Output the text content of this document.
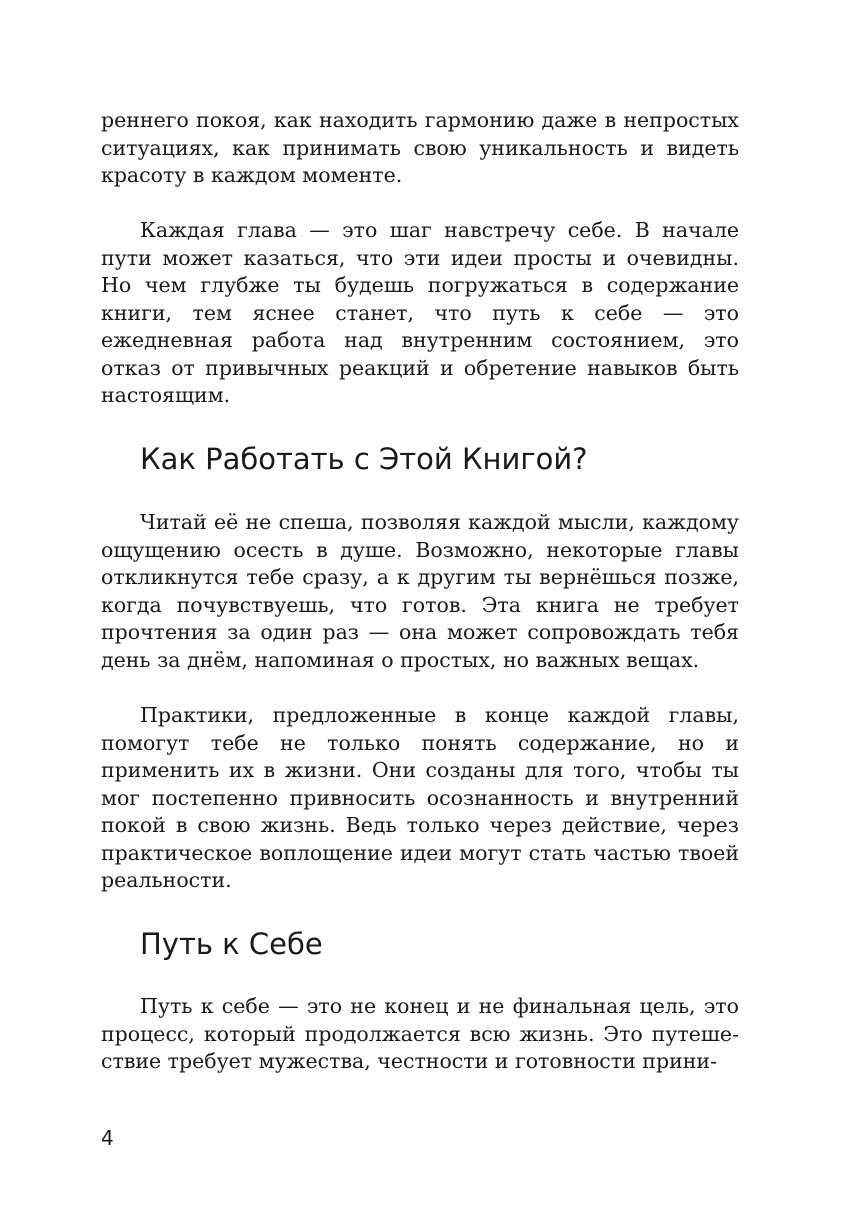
реннего покоя, как находить гармонию даже в непростых ситуациях, как принимать свою уникальность и видеть красоту в каждом моменте.

Каждая глава — это шаг навстречу себе. В начале пути может казаться, что эти идеи просты и очевидны. Но чем глубже ты будешь погружаться в содержание книги, тем яснее станет, что путь к себе — это ежедневная работа над внутренним состоянием, это отказ от привычных реакций и обретение навыков быть настоящим.

Как Работать с Этой Книгой?

Читай её не спеша, позволяя каждой мысли, каждому ощущению осесть в душе. Возможно, некоторые главы откликнутся тебе сразу, а к другим ты вернёшься позже, когда почувствуешь, что готов. Эта книга не требует прочтения за один раз — она может сопровождать тебя день за днём, напоминая о простых, но важных вещах.

Практики, предложенные в конце каждой главы, помогут тебе не только понять содержание, но и применить их в жизни. Они созданы для того, чтобы ты мог постепенно привносить осознанность и внутренний покой в свою жизнь. Ведь только через действие, через практическое воплощение идеи могут стать частью твоей реальности.

Путь к Себе

Путь к себе — это не конец и не финальная цель, это процесс, который продолжается всю жизнь. Это путешествие требует мужества, честности и готовности прини-

4
